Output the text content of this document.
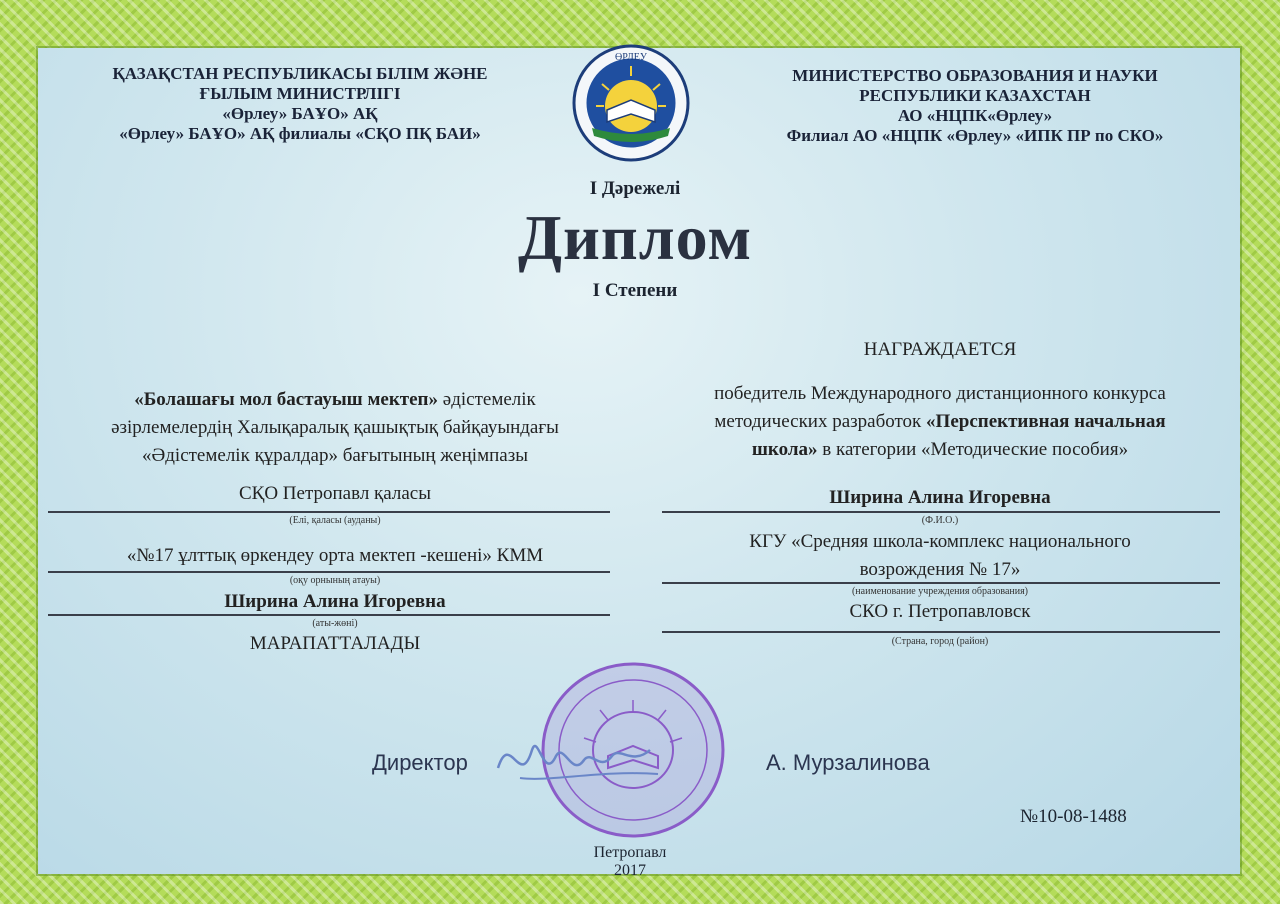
ҚАЗАҚСТАН РЕСПУБЛИКАСЫ БІЛІМ ЖӘНЕ
ҒЫЛЫМ МИНИСТРЛІГІ
«Өрлеу» БАҰО» АҚ
«Өрлеу» БАҰО» АҚ филиалы «СҚО ПҚ БАИ»
ӨРЛЕУ
МИНИСТЕРСТВО ОБРАЗОВАНИЯ И НАУКИ
РЕСПУБЛИКИ КАЗАХСТАН
АО «НЦПК«Өрлеу»
Филиал АО «НЦПК «Өрлеу» «ИПК ПР по СКО»
I Дәрежелі
Диплом
I Степени
«Болашағы мол бастауыш мектеп» әдістемелік
әзірлемелердің Халықаралық қашықтық байқауындағы
«Әдістемелік құралдар» бағытының жеңімпазы
СҚО Петропавл қаласы
(Елі, қаласы (ауданы)
«№17 ұлттық өркендеу орта мектеп -кешені» КММ
(оқу орнының атауы)
Ширина Алина Игоревна
(аты-жөні)
МАРАПАТТАЛАДЫ
НАГРАЖДАЕТСЯ
победитель Международного дистанционного конкурса
методических разработок «Перспективная начальная
школа» в категории «Методические пособия»
Ширина Алина Игоревна
(Ф.И.О.)
КГУ «Средняя школа-комплекс национального
возрождения № 17»
(наименование учреждения образования)
СКО г. Петропавловск
(Страна, город (район)
Директор	А. Мурзалинова
№10-08-1488
Петропавл
2017
